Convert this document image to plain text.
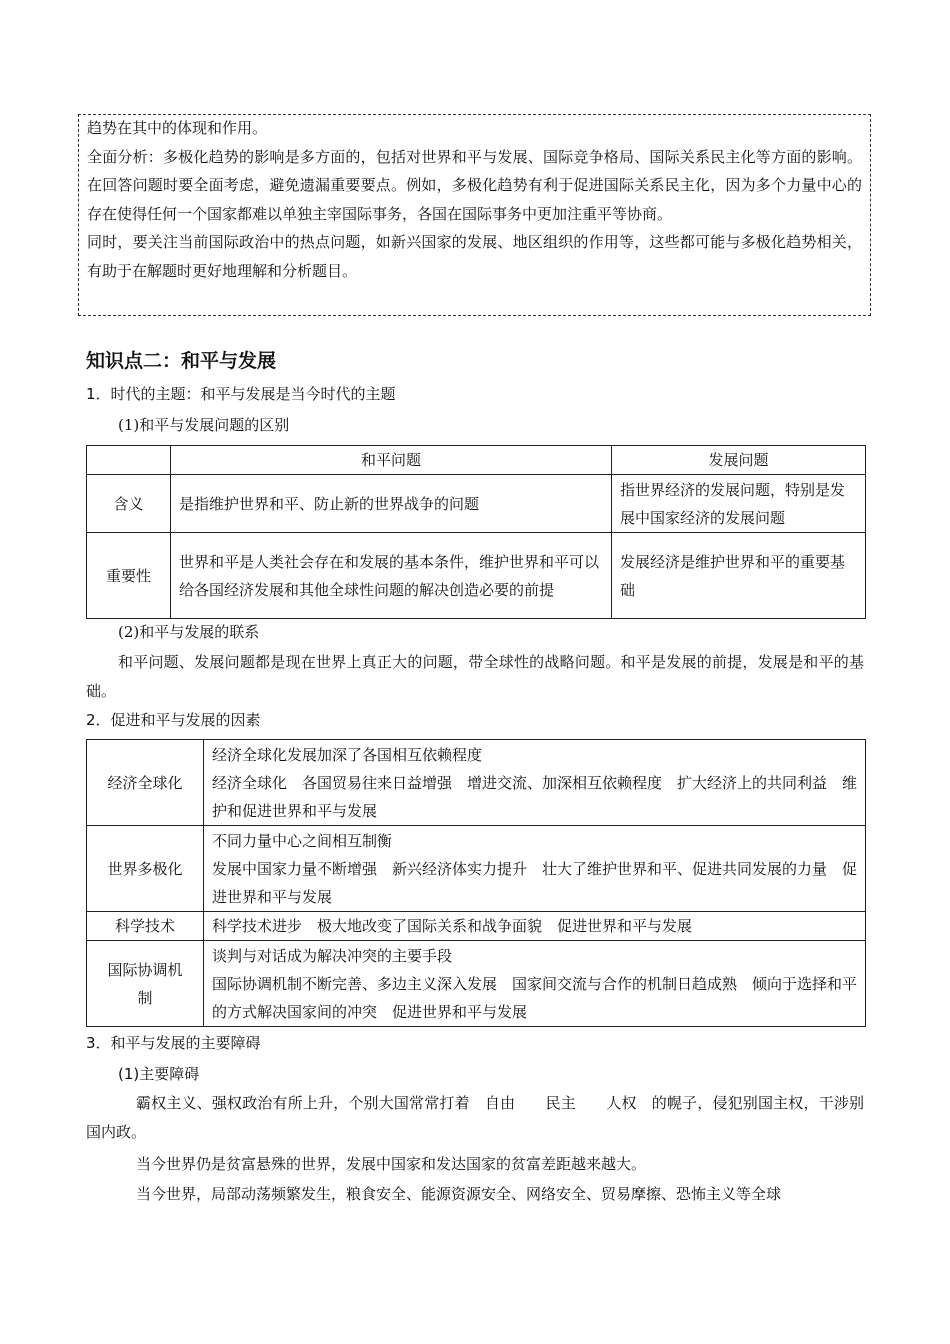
趋势在其中的体现和作用。

全面分析：多极化趋势的影响是多方面的，包括对世界和平与发展、国际竞争格局、国际关系民主化等方面的影响。在回答问题时要全面考虑，避免遗漏重要要点。例如，多极化趋势有利于促进国际关系民主化，因为多个力量中心的存在使得任何一个国家都难以单独主宰国际事务，各国在国际事务中更加注重平等协商。

同时，要关注当前国际政治中的热点问题，如新兴国家的发展、地区组织的作用等，这些都可能与多极化趋势相关，有助于在解题时更好地理解和分析题目。

知识点二：和平与发展
1．时代的主题：和平与发展是当今时代的主题
(1)和平与发展问题的区别
	和平问题	发展问题
含义	是指维护世界和平、防止新的世界战争的问题	指世界经济的发展问题，特别是发展中国家经济的发展问题
重要性	世界和平是人类社会存在和发展的基本条件，维护世界和平可以给各国经济发展和其他全球性问题的解决创造必要的前提	发展经济是维护世界和平的重要基础
(2)和平与发展的联系
和平问题、发展问题都是现在世界上真正大的问题，带全球性的战略问题。和平是发展的前提，发展是和平的基础。
2．促进和平与发展的因素
经济全球化	经济全球化发展加深了各国相互依赖程度
经济全球化　各国贸易往来日益增强　增进交流、加深相互依赖程度　扩大经济上的共同利益　维护和促进世界和平与发展

世界多极化	不同力量中心之间相互制衡
发展中国家力量不断增强　新兴经济体实力提升　壮大了维护世界和平、促进共同发展的力量　促进世界和平与发展

科学技术	科学技术进步　极大地改变了国际关系和战争面貌　促进世界和平与发展

国际协调机制	谈判与对话成为解决冲突的主要手段
国际协调机制不断完善、多边主义深入发展　国家间交流与合作的机制日趋成熟　倾向于选择和平的方式解决国家间的冲突　促进世界和平与发展
3．和平与发展的主要障碍
(1)主要障碍
霸权主义、强权政治有所上升，个别大国常常打着　自由　　民主　　人权　的幌子，侵犯别国主权，干涉别国内政。
当今世界仍是贫富悬殊的世界，发展中国家和发达国家的贫富差距越来越大。
当今世界，局部动荡频繁发生，粮食安全、能源资源安全、网络安全、贸易摩擦、恐怖主义等全球
